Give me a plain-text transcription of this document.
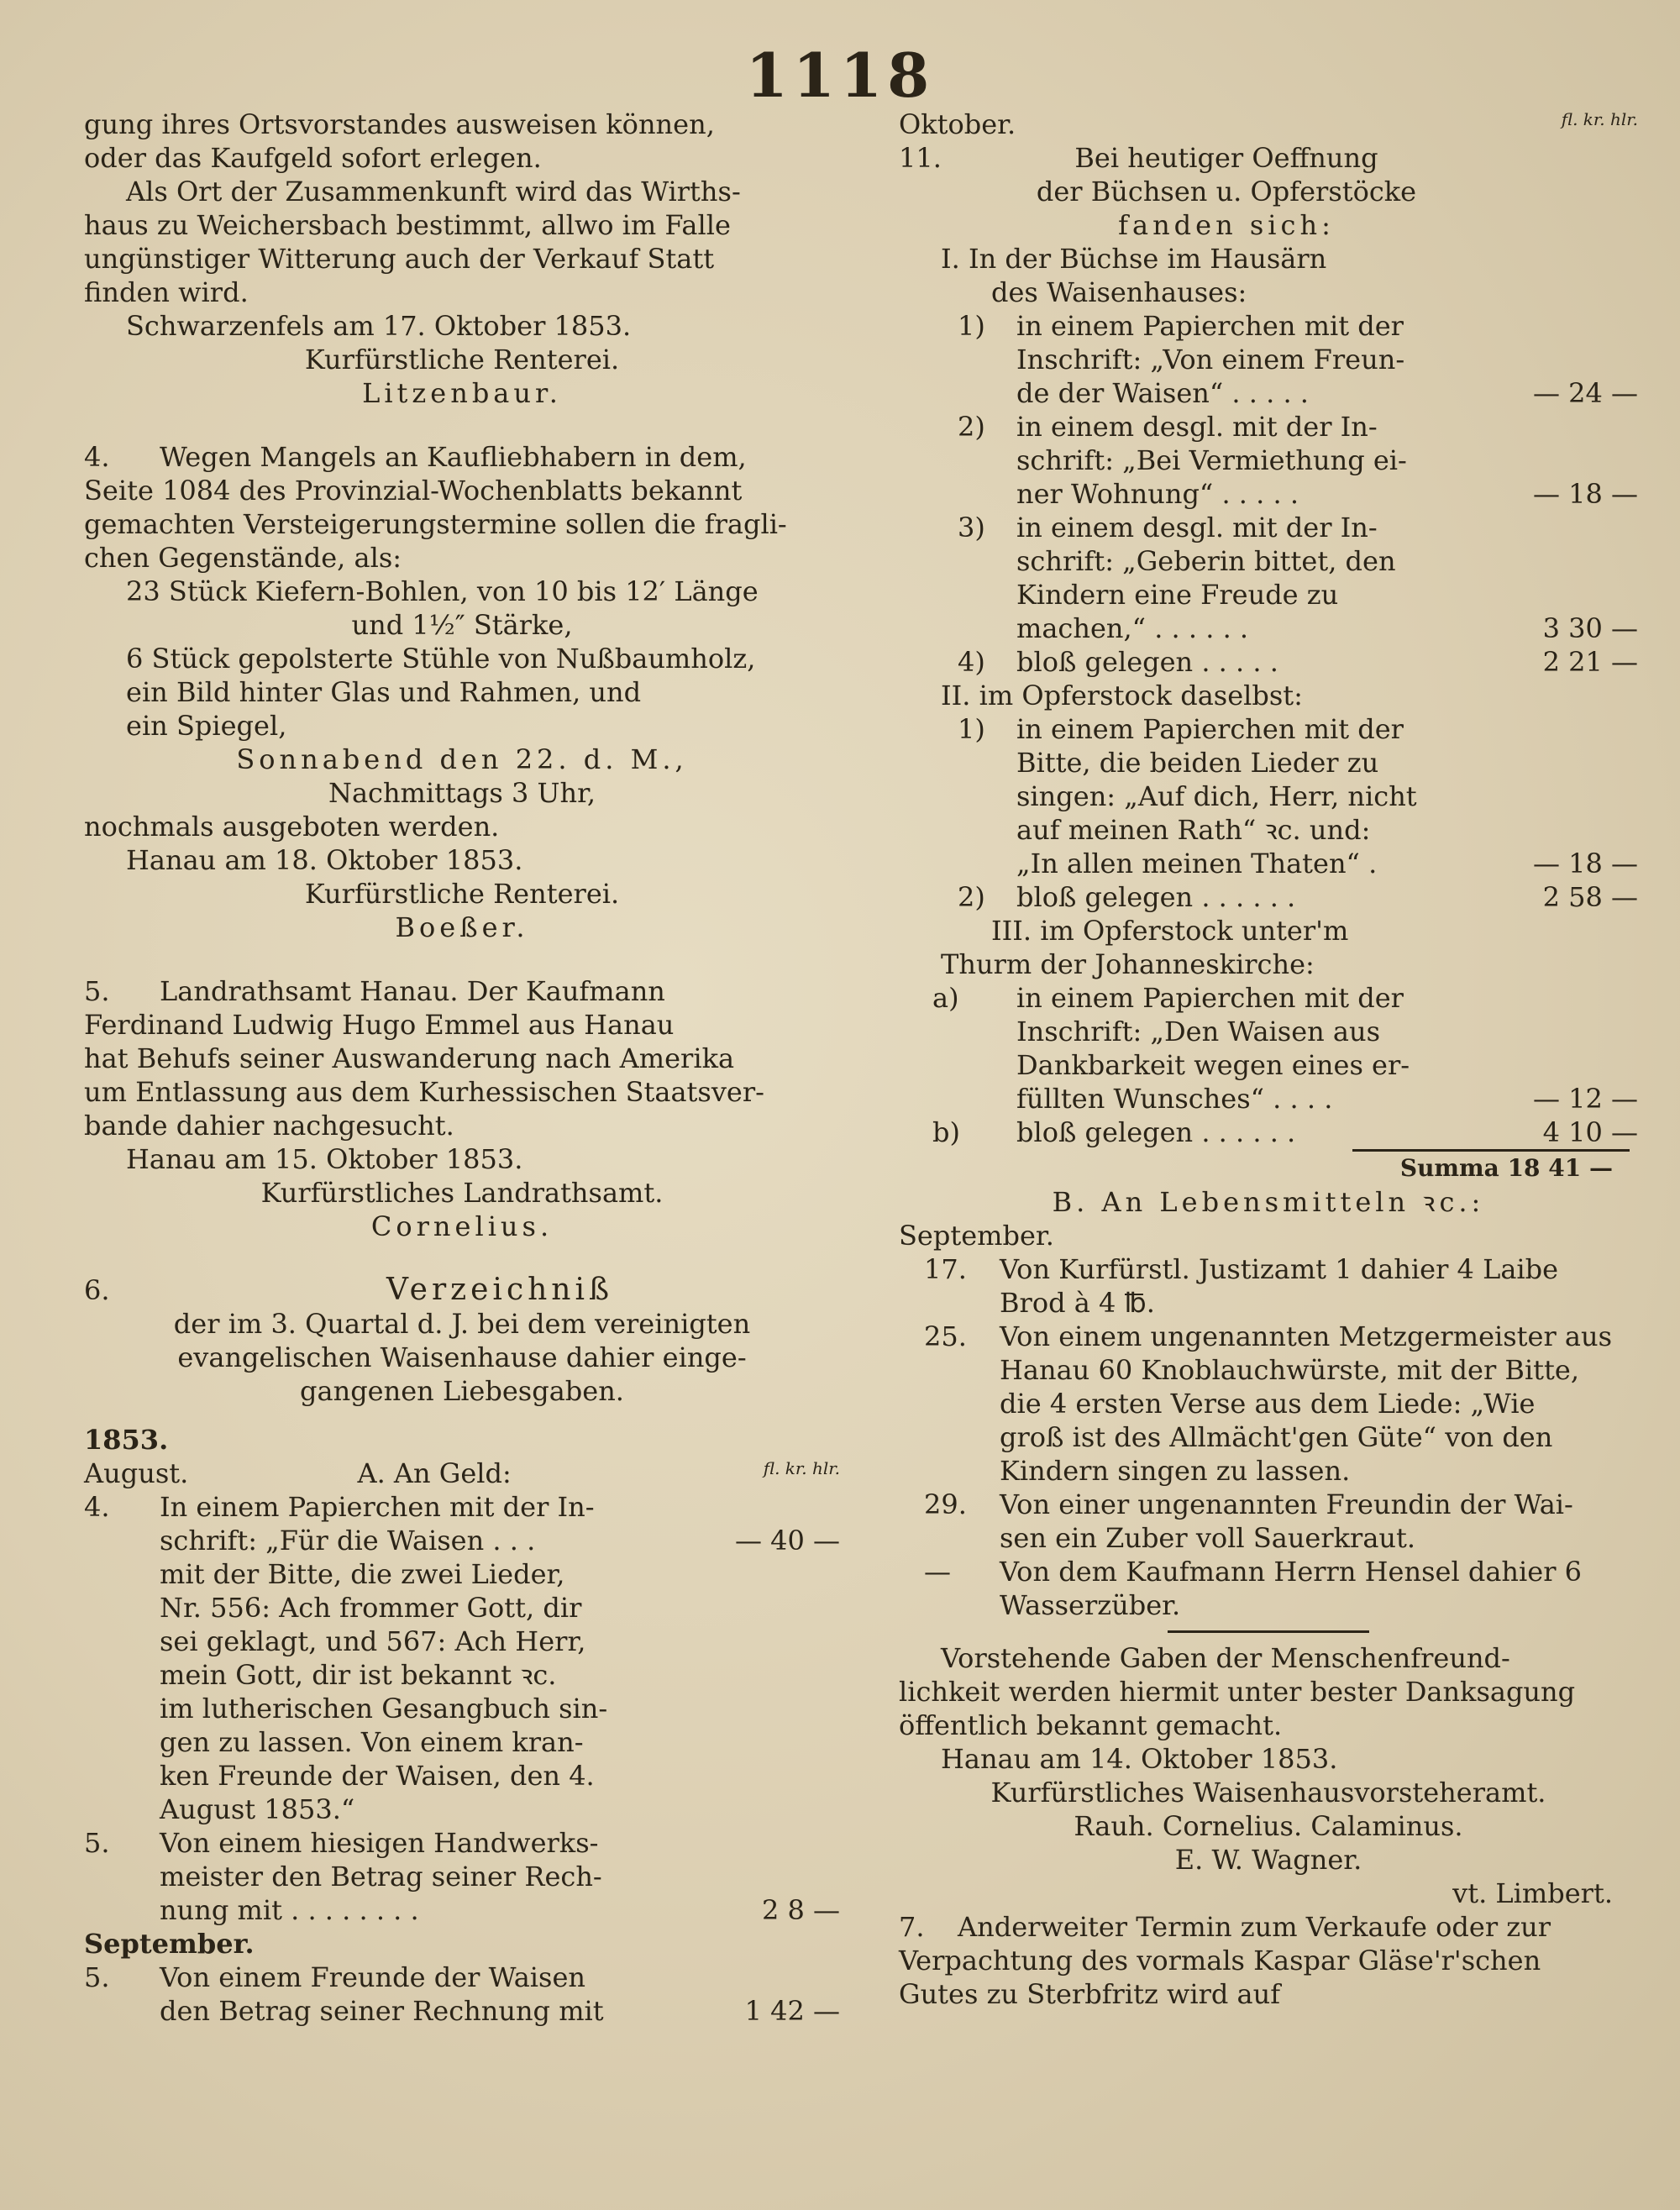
1118
gung ihres Ortsvorstandes ausweisen können,
oder das Kaufgeld sofort erlegen.
Als Ort der Zusammenkunft wird das Wirths-
haus zu Weichersbach bestimmt, allwo im Falle
ungünstiger Witterung auch der Verkauf Statt
finden wird.
Schwarzenfels am 17. Oktober 1853.
Kurfürstliche Renterei.
Litzenbaur.
4.	Wegen Mangels an Kaufliebhabern in dem,
Seite 1084 des Provinzial-Wochenblatts bekannt
gemachten Versteigerungstermine sollen die fragli-
chen Gegenstände, als:
23 Stück Kiefern-Bohlen, von 10 bis 12′ Länge
und 1½″ Stärke,
6 Stück gepolsterte Stühle von Nußbaumholz,
ein Bild hinter Glas und Rahmen, und
ein Spiegel,
Sonnabend den 22. d. M.,
Nachmittags 3 Uhr,
nochmals ausgeboten werden.
Hanau am 18. Oktober 1853.
Kurfürstliche Renterei.
Boeßer.
5.	Landrathsamt Hanau. Der Kaufmann
Ferdinand Ludwig Hugo Emmel aus Hanau
hat Behufs seiner Auswanderung nach Amerika
um Entlassung aus dem Kurhessischen Staatsver-
bande dahier nachgesucht.
Hanau am 15. Oktober 1853.
Kurfürstliches Landrathsamt.
Cornelius.
6.	Verzeichniß
der im 3. Quartal d. J. bei dem vereinigten
evangelischen Waisenhause dahier einge-
gangenen Liebesgaben.
1853.
August.	A. An Geld:	fl. kr. hlr.
4.	In einem Papierchen mit der In-
schrift: „Für die Waisen . . .	— 40 —
mit der Bitte, die zwei Lieder,
Nr. 556: Ach frommer Gott, dir
sei geklagt, und 567: Ach Herr,
mein Gott, dir ist bekannt ꝛc.
im lutherischen Gesangbuch sin-
gen zu lassen. Von einem kran-
ken Freunde der Waisen, den 4.
August 1853.“
5.	Von einem hiesigen Handwerks-
meister den Betrag seiner Rech-
nung mit . . . . . . . .	2 8 —
September.
5.	Von einem Freunde der Waisen
den Betrag seiner Rechnung mit	1 42 —
Oktober.	fl. kr. hlr.
11.	Bei heutiger Oeffnung
der Büchsen u. Opferstöcke
fanden sich:
I. In der Büchse im Hausärn
des Waisenhauses:
1)	in einem Papierchen mit der
Inschrift: „Von einem Freun-
de der Waisen“ . . . . .	— 24 —
2)	in einem desgl. mit der In-
schrift: „Bei Vermiethung ei-
ner Wohnung“ . . . . .	— 18 —
3)	in einem desgl. mit der In-
schrift: „Geberin bittet, den
Kindern eine Freude zu
machen,“ . . . . . .	3 30 —
4)	bloß gelegen . . . . .	2 21 —
II. im Opferstock daselbst:
1)	in einem Papierchen mit der
Bitte, die beiden Lieder zu
singen: „Auf dich, Herr, nicht
auf meinen Rath“ ꝛc. und:
„In allen meinen Thaten“ .	— 18 —
2)	bloß gelegen . . . . . .	2 58 —
III. im Opferstock unter'm
Thurm der Johanneskirche:
a)	in einem Papierchen mit der
Inschrift: „Den Waisen aus
Dankbarkeit wegen eines er-
füllten Wunsches“ . . . .	— 12 —
b)	bloß gelegen . . . . . .	4 10 —
Summa 18 41 —
B. An Lebensmitteln ꝛc.:
September.
17.	Von Kurfürstl. Justizamt 1 dahier 4 Laibe
Brod à 4 ℔.
25.	Von einem ungenannten Metzgermeister aus
Hanau 60 Knoblauchwürste, mit der Bitte,
die 4 ersten Verse aus dem Liede: „Wie
groß ist des Allmächt'gen Güte“ von den
Kindern singen zu lassen.
29.	Von einer ungenannten Freundin der Wai-
sen ein Zuber voll Sauerkraut.
—	Von dem Kaufmann Herrn Hensel dahier 6
Wasserzüber.
Vorstehende Gaben der Menschenfreund-
lichkeit werden hiermit unter bester Danksagung
öffentlich bekannt gemacht.
Hanau am 14. Oktober 1853.
Kurfürstliches Waisenhausvorsteheramt.
Rauh. Cornelius. Calaminus.
E. W. Wagner.
vt. Limbert.
7.	Anderweiter Termin zum Verkaufe oder zur
Verpachtung des vormals Kaspar Gläse'r'schen
Gutes zu Sterbfritz wird auf
